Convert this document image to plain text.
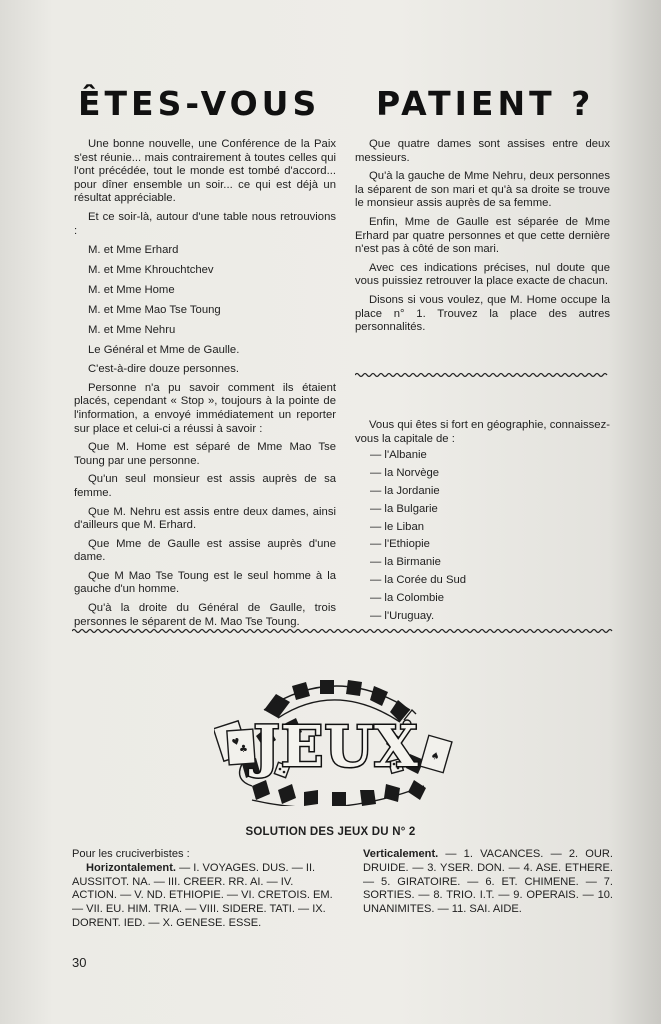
ÊTES-VOUS PATIENT ?

Une bonne nouvelle, une Conférence de la Paix s'est réunie... mais contrairement à toutes celles qui l'ont précédée, tout le monde est tombé d'accord... pour dîner ensemble un soir... ce qui est déjà un résultat appréciable.

Et ce soir-là, autour d'une table nous retrouvions :

M. et Mme Erhard
M. et Mme Khrouchtchev
M. et Mme Home
M. et Mme Mao Tse Toung
M. et Mme Nehru
Le Général et Mme de Gaulle.

C'est-à-dire douze personnes.

Personne n'a pu savoir comment ils étaient placés, cependant « Stop », toujours à la pointe de l'information, a envoyé immédiatement un reporter sur place et celui-ci a réussi à savoir :

Que M. Home est séparé de Mme Mao Tse Toung par une personne.

Qu'un seul monsieur est assis auprès de sa femme.

Que M. Nehru est assis entre deux dames, ainsi d'ailleurs que M. Erhard.

Que Mme de Gaulle est assise auprès d'une dame.

Que M Mao Tse Toung est le seul homme à la gauche d'un homme.

Qu'à la droite du Général de Gaulle, trois personnes le séparent de M. Mao Tse Toung.

Que quatre dames sont assises entre deux messieurs.

Qu'à la gauche de Mme Nehru, deux personnes la séparent de son mari et qu'à sa droite se trouve le monsieur assis auprès de sa femme.

Enfin, Mme de Gaulle est séparée de Mme Erhard par quatre personnes et que cette dernière n'est pas à côté de son mari.

Avec ces indications précises, nul doute que vous puissiez retrouver la place exacte de chacun.

Disons si vous voulez, que M. Home occupe la place n° 1. Trouvez la place des autres personnalités.

Vous qui êtes si fort en géographie, connaissez-vous la capitale de :

— l'Albanie
— la Norvège
— la Jordanie
— la Bulgarie
— le Liban
— l'Ethiopie
— la Birmanie
— la Corée du Sud
— la Colombie
— l'Uruguay.
♥
♣
♠
JEUX
SOLUTION DES JEUX DU N° 2

Pour les cruciverbistes :

Horizontalement. — I. VOYAGES. DUS. — II. AUSSITOT. NA. — III. CREER. RR. AI. — IV. ACTION. — V. ND. ETHIOPIE. — VI. CRETOIS. EM. — VII. EU. HIM. TRIA. — VIII. SIDERE. TATI. — IX. DORENT. IED. — X. GENESE. ESSE.

Verticalement. — 1. VACANCES. — 2. OUR. DRUIDE. — 3. YSER. DON. — 4. ASE. ETHERE. — 5. GIRATOIRE. — 6. ET. CHIMENE. — 7. SORTIES. — 8. TRIO. I.T. — 9. OPERAIS. — 10. UNANIMITES. — 11. SAI. AIDE.

30
